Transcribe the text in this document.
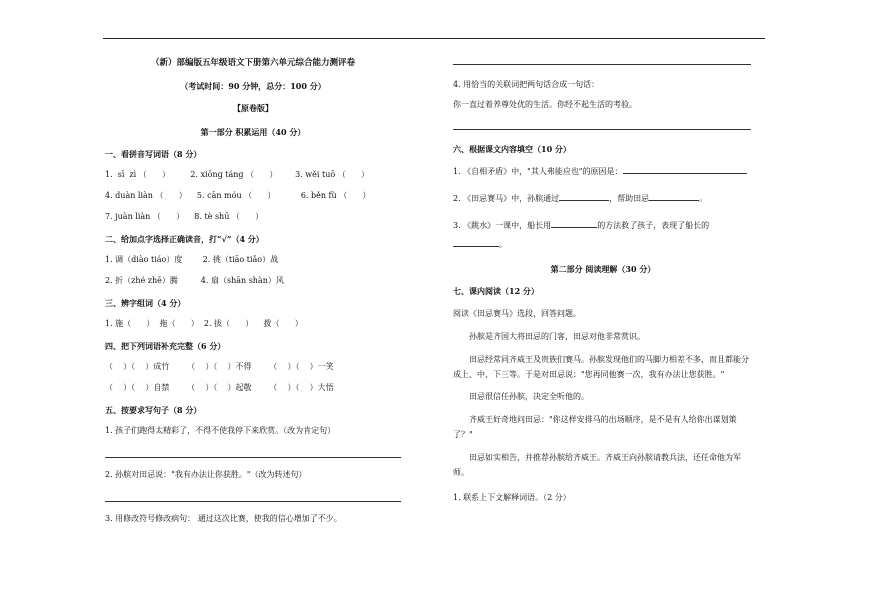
（新）部编版五年级语文下册第六单元综合能力测评卷
（考试时间：90 分钟，总分：100 分）
【原卷版】
第一部分 积累运用（40 分）
一、看拼音写词语（8 分）
1.  sī  zì （      ）        2. xiōng táng （      ）       3. wěi tuō （      ）
4. duàn liàn （      ）    5. cān móu （      ）          6. běn fù （      ）
7. juàn liàn （      ）    8. tè shū （      ）
二、给加点字选择正确读音，打“√”（4 分）
1. 调（diào tiáo）度        2. 挑（tiāo tiǎo）战
2. 折（zhé zhē）腾         4. 扇（shān shàn）风
三、辨字组词（4 分）
1. 施（      ）  拖（      ）  2. 拔（      ）    拨（      ）
四、把下列词语补充完整（6 分）
（    ）（    ）成竹       （    ）（    ）不得       （    ）（    ）一笑
（    ）（    ）自禁       （    ）（    ）起敬       （    ）（    ）大悟
五、按要求写句子（8 分）
1. 孩子们跑得太精彩了，不得不使我停下来欣赏。（改为肯定句）
2. 孙膑对田忌说："我有办法让你获胜。"（改为转述句）
3. 用修改符号修改病句： 通过这次比赛，使我的信心增加了不少。
4. 用恰当的关联词把两句话合成一句话：
你一直过着养尊处优的生活。你经不起生活的考验。
六、根据课文内容填空（10 分）
1. 《自相矛盾》中，"其人弗能应也"的原因是：
2. 《田忌赛马》中，孙膑通过	，帮助田忌	。
3. 《跳水》一课中，船长用	的方法救了孩子，表现了船长的
。
第二部分 阅读理解（30 分）
七、课内阅读（12 分）
阅读《田忌赛马》选段，回答问题。
孙膑是齐国大将田忌的门客，田忌对他非常赏识。
田忌经常同齐威王及贵族们赛马。孙膑发现他们的马脚力相差不多，而且都能分成上、中、下三等。于是对田忌说："您再同他赛一次，我有办法让您获胜。"
田忌很信任孙膑，决定全听他的。
齐威王好奇地问田忌："你这样安排马的出场顺序，是不是有人给你出谋划策了？"
田忌如实相告，并推荐孙膑给齐威王。齐威王向孙膑请教兵法，还任命他为军师。
1. 联系上下文解释词语。（2 分）
